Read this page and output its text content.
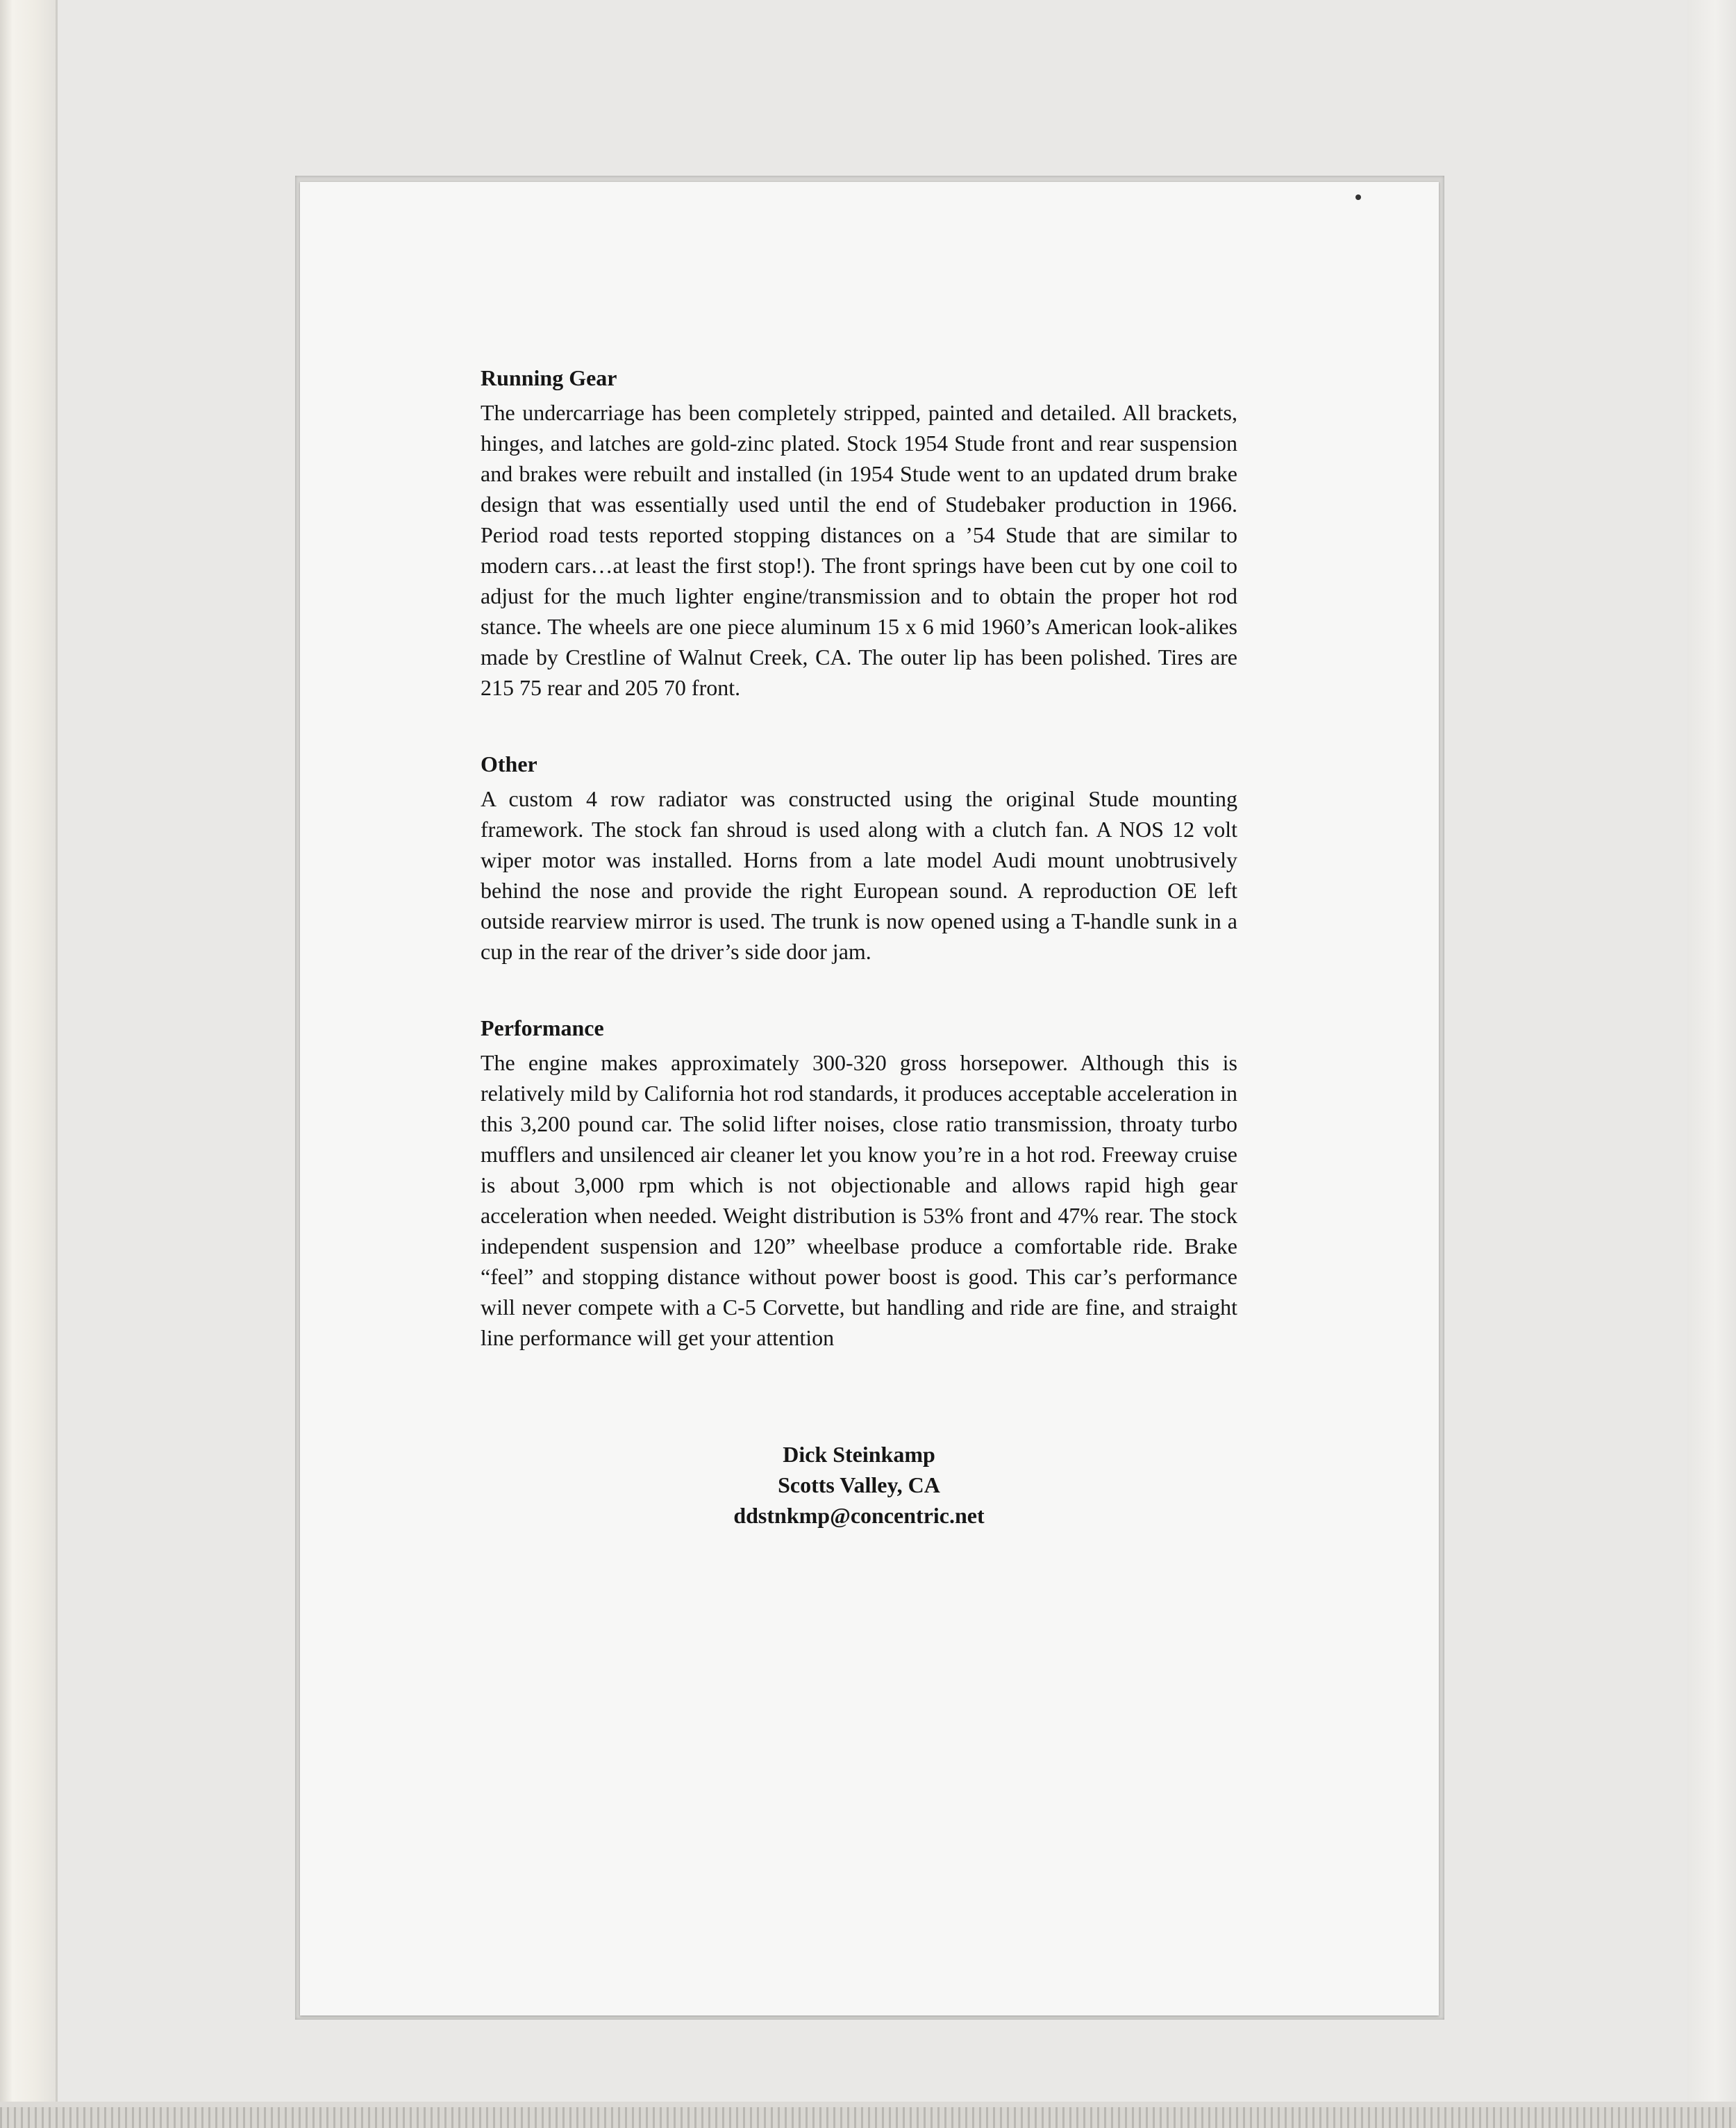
Running Gear
The undercarriage has been completely stripped, painted and detailed. All brackets, hinges, and latches are gold-zinc plated. Stock 1954 Stude front and rear suspension and brakes were rebuilt and installed (in 1954 Stude went to an updated drum brake design that was essentially used until the end of Studebaker production in 1966. Period road tests reported stopping distances on a ’54 Stude that are similar to modern cars…at least the first stop!). The front springs have been cut by one coil to adjust for the much lighter engine/transmission and to obtain the proper hot rod stance. The wheels are one piece aluminum 15 x 6 mid 1960’s American look-alikes made by Crestline of Walnut Creek, CA. The outer lip has been polished. Tires are 215 75 rear and 205 70 front.
Other
A custom 4 row radiator was constructed using the original Stude mounting framework. The stock fan shroud is used along with a clutch fan. A NOS 12 volt wiper motor was installed. Horns from a late model Audi mount unobtrusively behind the nose and provide the right European sound. A reproduction OE left outside rearview mirror is used. The trunk is now opened using a T-handle sunk in a cup in the rear of the driver’s side door jam.
Performance
The engine makes approximately 300-320 gross horsepower. Although this is relatively mild by California hot rod standards, it produces acceptable acceleration in this 3,200 pound car. The solid lifter noises, close ratio transmission, throaty turbo mufflers and unsilenced air cleaner let you know you’re in a hot rod. Freeway cruise is about 3,000 rpm which is not objectionable and allows rapid high gear acceleration when needed. Weight distribution is 53% front and 47% rear. The stock independent suspension and 120” wheelbase produce a comfortable ride. Brake “feel” and stopping distance without power boost is good. This car’s performance will never compete with a C-5 Corvette, but handling and ride are fine, and straight line performance will get your attention
Dick Steinkamp
Scotts Valley, CA
ddstnkmp@concentric.net
